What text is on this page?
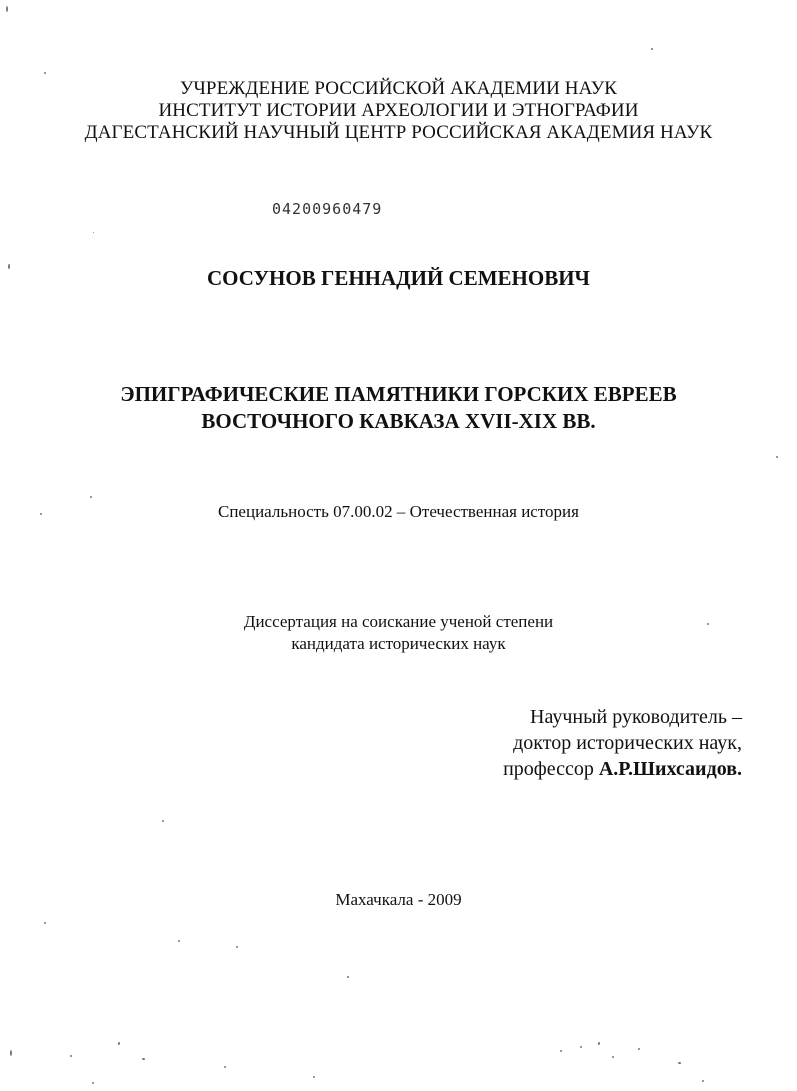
УЧРЕЖДЕНИЕ РОССИЙСКОЙ АКАДЕМИИ НАУК
ИНСТИТУТ ИСТОРИИ АРХЕОЛОГИИ И ЭТНОГРАФИИ
ДАГЕСТАНСКИЙ НАУЧНЫЙ ЦЕНТР РОССИЙСКАЯ АКАДЕМИЯ НАУК
04200960479
СОСУНОВ ГЕННАДИЙ СЕМЕНОВИЧ
ЭПИГРАФИЧЕСКИЕ ПАМЯТНИКИ ГОРСКИХ ЕВРЕЕВ
ВОСТОЧНОГО КАВКАЗА XVII-XIX ВВ.
Специальность 07.00.02 – Отечественная история
Диссертация на соискание ученой степени
кандидата исторических наук
Научный руководитель –
доктор исторических наук,
профессор А.Р.Шихсаидов.
Махачкала - 2009
